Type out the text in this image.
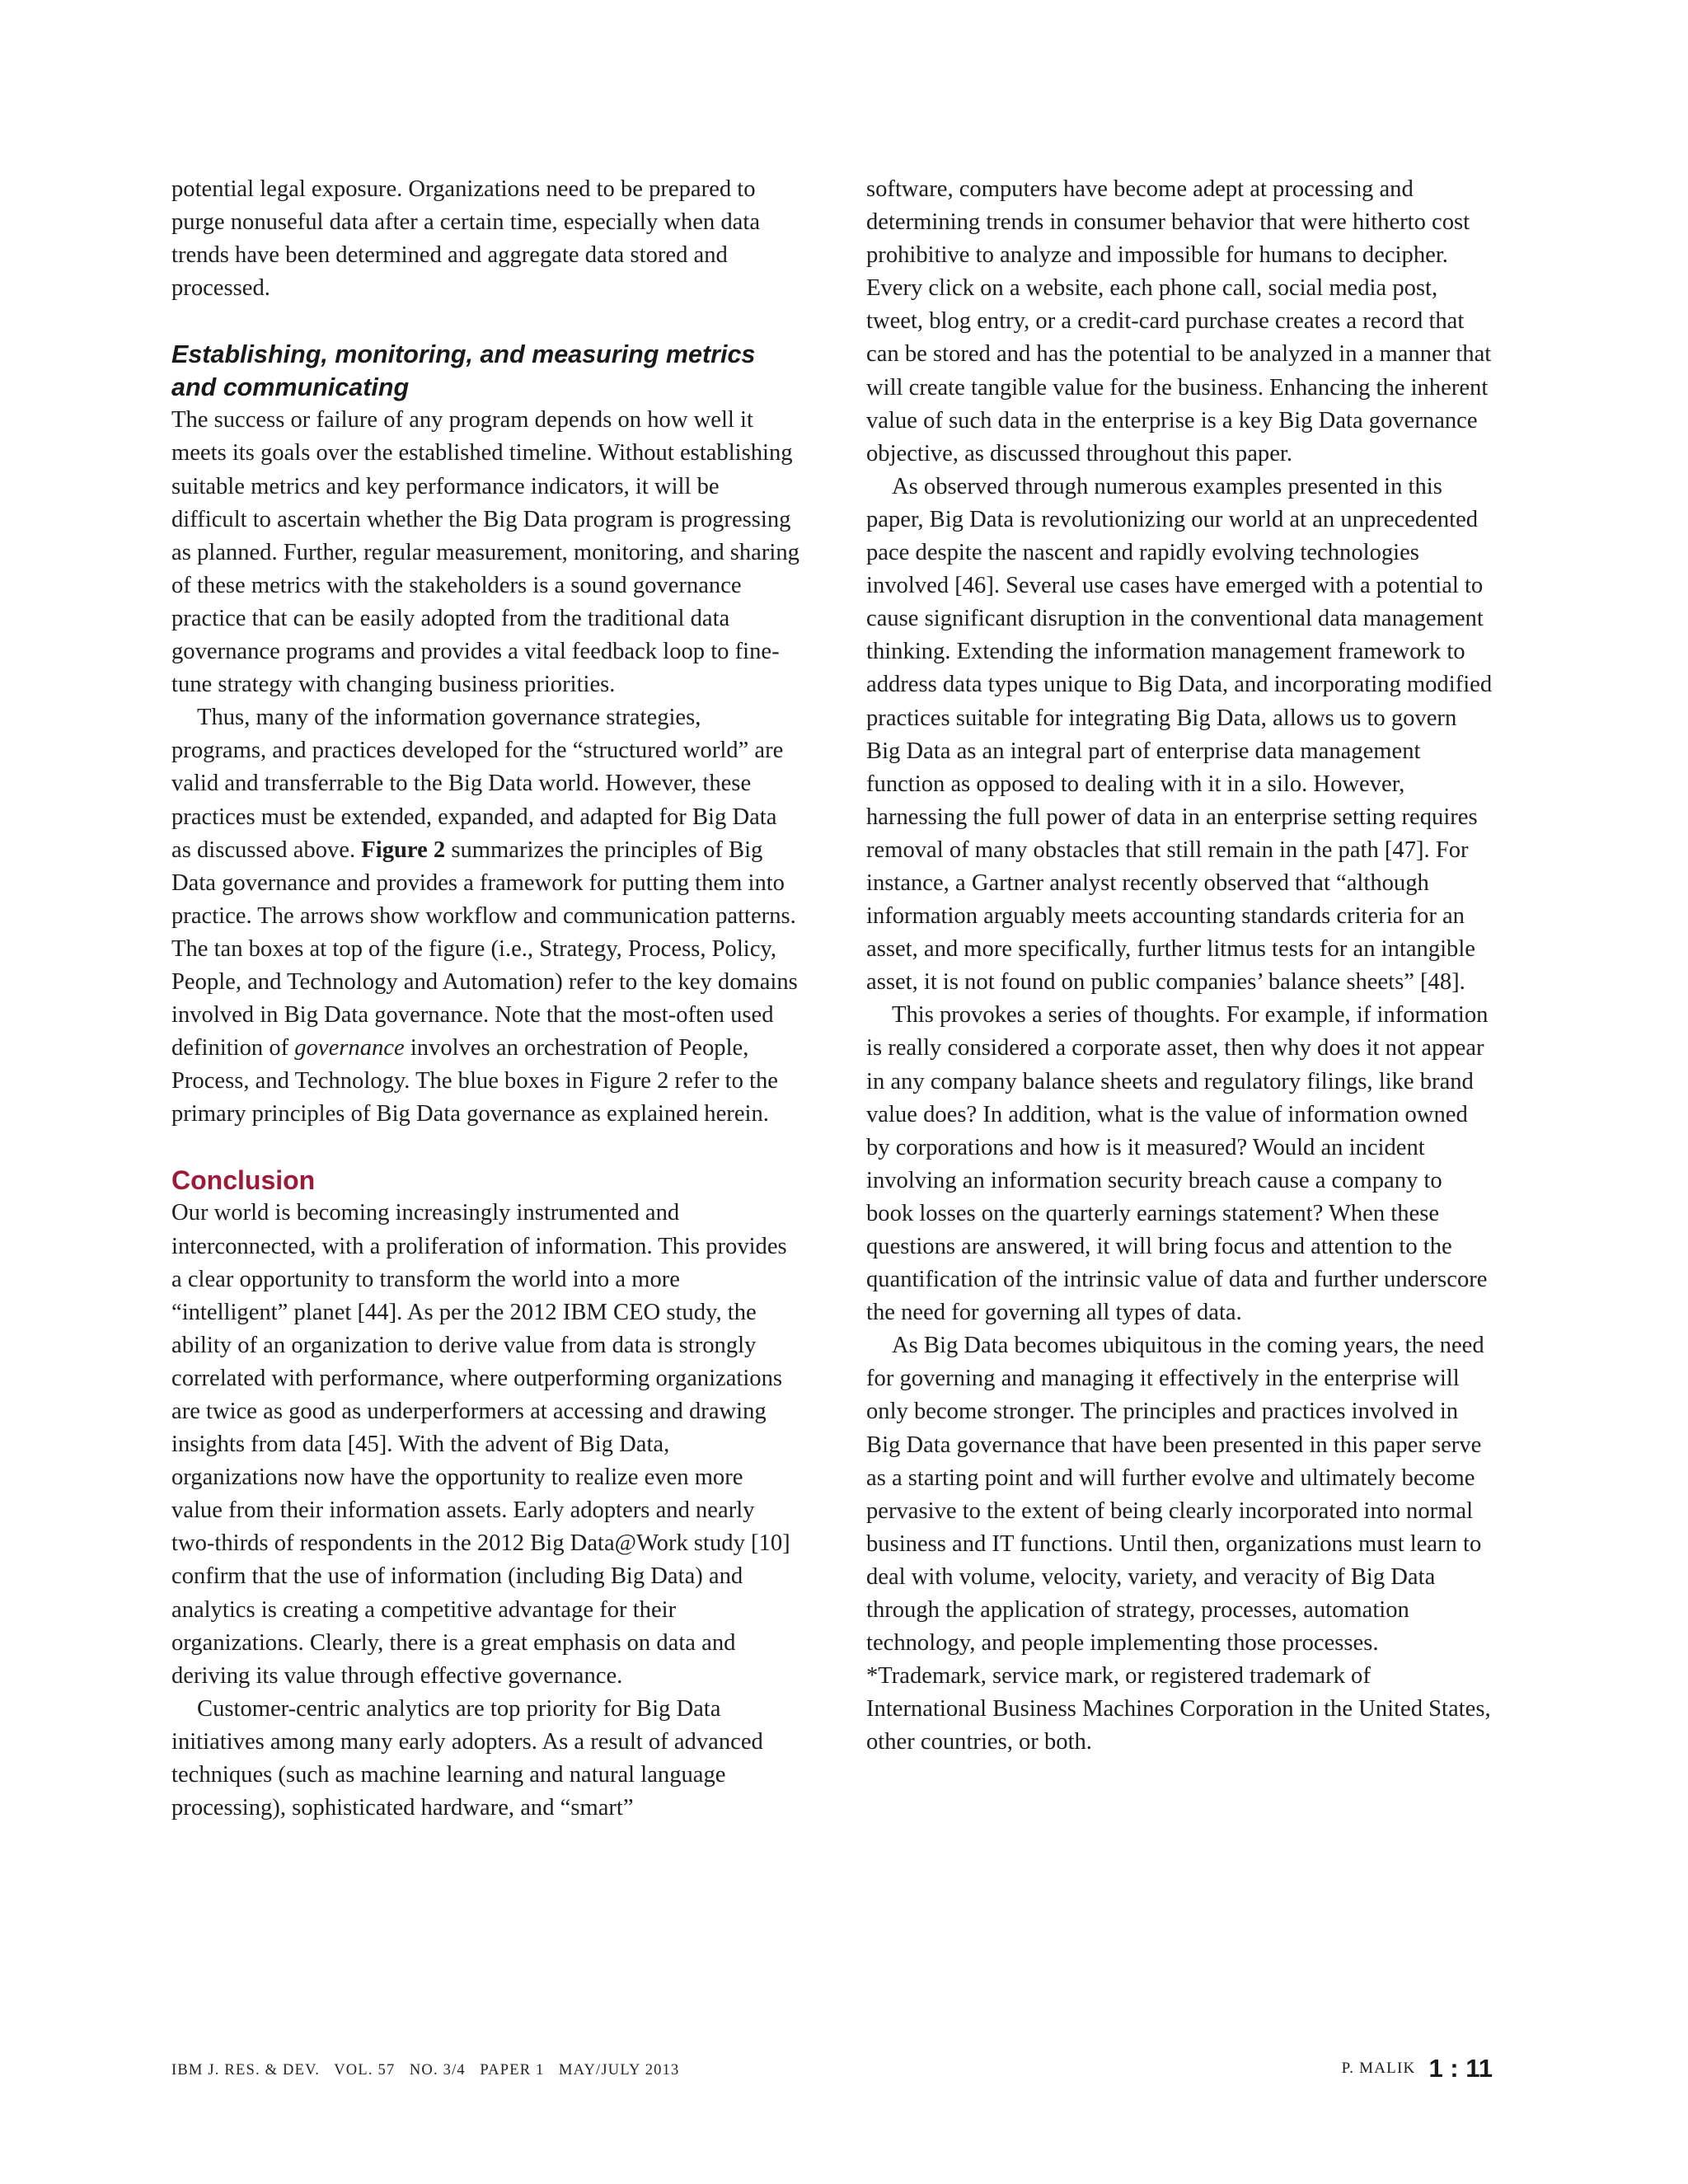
potential legal exposure. Organizations need to be prepared to purge nonuseful data after a certain time, especially when data trends have been determined and aggregate data stored and processed.

Establishing, monitoring, and measuring metrics and communicating

The success or failure of any program depends on how well it meets its goals over the established timeline. Without establishing suitable metrics and key performance indicators, it will be difficult to ascertain whether the Big Data program is progressing as planned. Further, regular measurement, monitoring, and sharing of these metrics with the stakeholders is a sound governance practice that can be easily adopted from the traditional data governance programs and provides a vital feedback loop to fine-tune strategy with changing business priorities.

Thus, many of the information governance strategies, programs, and practices developed for the “structured world” are valid and transferrable to the Big Data world. However, these practices must be extended, expanded, and adapted for Big Data as discussed above. Figure 2 summarizes the principles of Big Data governance and provides a framework for putting them into practice. The arrows show workflow and communication patterns. The tan boxes at top of the figure (i.e., Strategy, Process, Policy, People, and Technology and Automation) refer to the key domains involved in Big Data governance. Note that the most-often used definition of governance involves an orchestration of People, Process, and Technology. The blue boxes in Figure 2 refer to the primary principles of Big Data governance as explained herein.

Conclusion

Our world is becoming increasingly instrumented and interconnected, with a proliferation of information. This provides a clear opportunity to transform the world into a more “intelligent” planet [44]. As per the 2012 IBM CEO study, the ability of an organization to derive value from data is strongly correlated with performance, where outperforming organizations are twice as good as underperformers at accessing and drawing insights from data [45]. With the advent of Big Data, organizations now have the opportunity to realize even more value from their information assets. Early adopters and nearly two-thirds of respondents in the 2012 Big Data@Work study [10] confirm that the use of information (including Big Data) and analytics is creating a competitive advantage for their organizations. Clearly, there is a great emphasis on data and deriving its value through effective governance.

Customer-centric analytics are top priority for Big Data initiatives among many early adopters. As a result of advanced techniques (such as machine learning and natural language processing), sophisticated hardware, and “smart”

software, computers have become adept at processing and determining trends in consumer behavior that were hitherto cost prohibitive to analyze and impossible for humans to decipher. Every click on a website, each phone call, social media post, tweet, blog entry, or a credit-card purchase creates a record that can be stored and has the potential to be analyzed in a manner that will create tangible value for the business. Enhancing the inherent value of such data in the enterprise is a key Big Data governance objective, as discussed throughout this paper.

As observed through numerous examples presented in this paper, Big Data is revolutionizing our world at an unprecedented pace despite the nascent and rapidly evolving technologies involved [46]. Several use cases have emerged with a potential to cause significant disruption in the conventional data management thinking. Extending the information management framework to address data types unique to Big Data, and incorporating modified practices suitable for integrating Big Data, allows us to govern Big Data as an integral part of enterprise data management function as opposed to dealing with it in a silo. However, harnessing the full power of data in an enterprise setting requires removal of many obstacles that still remain in the path [47]. For instance, a Gartner analyst recently observed that “although information arguably meets accounting standards criteria for an asset, and more specifically, further litmus tests for an intangible asset, it is not found on public companies’ balance sheets” [48].

This provokes a series of thoughts. For example, if information is really considered a corporate asset, then why does it not appear in any company balance sheets and regulatory filings, like brand value does? In addition, what is the value of information owned by corporations and how is it measured? Would an incident involving an information security breach cause a company to book losses on the quarterly earnings statement? When these questions are answered, it will bring focus and attention to the quantification of the intrinsic value of data and further underscore the need for governing all types of data.

As Big Data becomes ubiquitous in the coming years, the need for governing and managing it effectively in the enterprise will only become stronger. The principles and practices involved in Big Data governance that have been presented in this paper serve as a starting point and will further evolve and ultimately become pervasive to the extent of being clearly incorporated into normal business and IT functions. Until then, organizations must learn to deal with volume, velocity, variety, and veracity of Big Data through the application of strategy, processes, automation technology, and people implementing those processes.

*Trademark, service mark, or registered trademark of International Business Machines Corporation in the United States, other countries, or both.

IBM J. RES. & DEV.   VOL. 57   NO. 3/4   PAPER 1   MAY/JULY 2013	P. MALIK 1 : 11
